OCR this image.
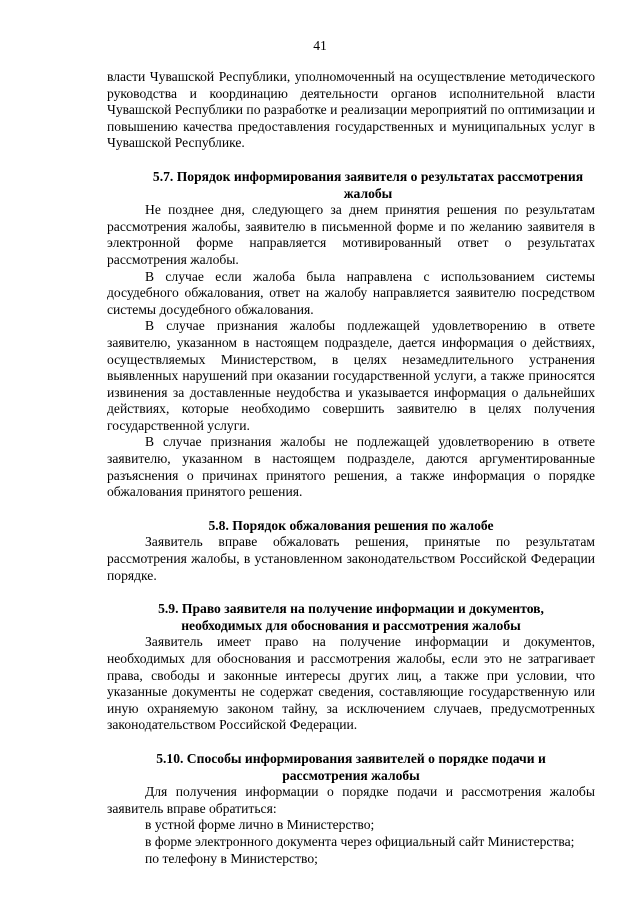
41

власти Чувашской Республики, уполномоченный на осуществление методического руководства и координацию деятельности органов исполнительной власти Чувашской Республики по разработке и реализации мероприятий по оптимизации и повышению качества предоставления государственных и муниципальных услуг в Чувашской Республике.

5.7. Порядок информирования заявителя о результатах рассмотрения жалобы

Не позднее дня, следующего за днем принятия решения по результатам рассмотрения жалобы, заявителю в письменной форме и по желанию заявителя в электронной форме направляется мотивированный ответ о результатах рассмотрения жалобы.

В случае если жалоба была направлена с использованием системы досудебного обжалования, ответ на жалобу направляется заявителю посредством системы досудебного обжалования.

В случае признания жалобы подлежащей удовлетворению в ответе заявителю, указанном в настоящем подразделе, дается информация о действиях, осуществляемых Министерством, в целях незамедлительного устранения выявленных нарушений при оказании государственной услуги, а также приносятся извинения за доставленные неудобства и указывается информация о дальнейших действиях, которые необходимо совершить заявителю в целях получения государственной услуги.

В случае признания жалобы не подлежащей удовлетворению в ответе заявителю, указанном в настоящем подразделе, даются аргументированные разъяснения о причинах принятого решения, а также информация о порядке обжалования принятого решения.

5.8. Порядок обжалования решения по жалобе

Заявитель вправе обжаловать решения, принятые по результатам рассмотрения жалобы, в установленном законодательством Российской Федерации порядке.

5.9. Право заявителя на получение информации и документов,

необходимых для обоснования и рассмотрения жалобы

Заявитель имеет право на получение информации и документов, необходимых для обоснования и рассмотрения жалобы, если это не затрагивает права, свободы и законные интересы других лиц, а также при условии, что указанные документы не содержат сведения, составляющие государственную или иную охраняемую законом тайну, за исключением случаев, предусмотренных законодательством Российской Федерации.

5.10. Способы информирования заявителей о порядке подачи и

рассмотрения жалобы

Для получения информации о порядке подачи и рассмотрения жалобы заявитель вправе обратиться:

в устной форме лично в Министерство;

в форме электронного документа через официальный сайт Министерства;

по телефону в Министерство;
